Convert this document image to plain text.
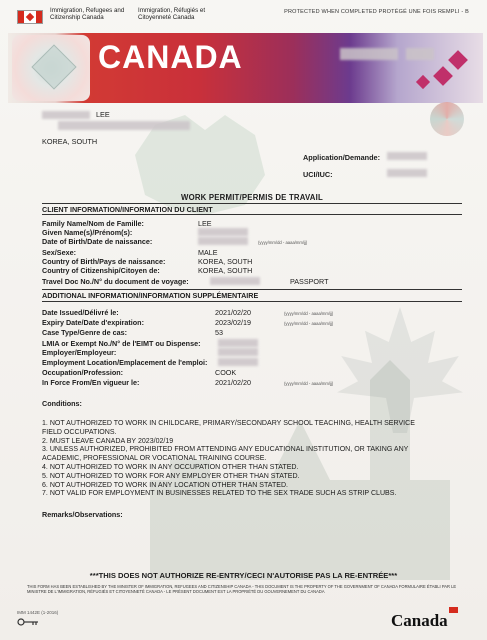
Immigration, Refugees and Citizenship Canada
Immigration, Réfugiés et Citoyenneté Canada
PROTECTED WHEN COMPLETED PROTÉGÉ UNE FOIS REMPLI - B
CANADA
LEE
KOREA, SOUTH
Application/Demande:
UCI/IUC:
WORK PERMIT/PERMIS DE TRAVAIL
CLIENT INFORMATION/INFORMATION DU CLIENT
Family Name/Nom de Famille:	LEE
Given Name(s)/Prénom(s):
Date of Birth/Date de naissance:	(yyyy/mm/dd - aaaa/mm/jj)
Sex/Sexe:	MALE
Country of Birth/Pays de naissance:	KOREA, SOUTH
Country of Citizenship/Citoyen de:	KOREA, SOUTH
Travel Doc No./N° du document de voyage:	PASSPORT
ADDITIONAL INFORMATION/INFORMATION SUPPLÉMENTAIRE
Date Issued/Délivré le:	2021/02/20	(yyyy/mm/dd - aaaa/mm/jj)
Expiry Date/Date d'expiration:	2023/02/19	(yyyy/mm/dd - aaaa/mm/jj)
Case Type/Genre de cas:	53
LMIA or Exempt No./N° de l'EIMT ou Dispense:
Employer/Employeur:
Employment Location/Emplacement de l'emploi:
Occupation/Profession:	COOK
In Force From/En vigueur le:	2021/02/20	(yyyy/mm/dd - aaaa/mm/jj)
Conditions:
1. NOT AUTHORIZED TO WORK IN CHILDCARE, PRIMARY/SECONDARY SCHOOL TEACHING, HEALTH SERVICE FIELD OCCUPATIONS.
2. MUST LEAVE CANADA BY 2023/02/19
3. UNLESS AUTHORIZED, PROHIBITED FROM ATTENDING ANY EDUCATIONAL INSTITUTION, OR TAKING ANY ACADEMIC, PROFESSIONAL OR VOCATIONAL TRAINING COURSE.
4. NOT AUTHORIZED TO WORK IN ANY OCCUPATION OTHER THAN STATED.
5. NOT AUTHORIZED TO WORK FOR ANY EMPLOYER OTHER THAN STATED.
6. NOT AUTHORIZED TO WORK IN ANY LOCATION OTHER THAN STATED.
7. NOT VALID FOR EMPLOYMENT IN BUSINESSES RELATED TO THE SEX TRADE SUCH AS STRIP CLUBS.
Remarks/Observations:
***THIS DOES NOT AUTHORIZE RE-ENTRY/CECI N'AUTORISE PAS LA RE-ENTRÉE***
THIS FORM HAS BEEN ESTABLISHED BY THE MINISTER OF IMMIGRATION, REFUGEES AND CITIZENSHIP CANADA - THIS DOCUMENT IS THE PROPERTY OF THE GOVERNMENT OF CANADA FORMULAIRE ÉTABLI PAR LE MINISTRE DE L'IMMIGRATION, RÉFUGIÉS ET CITOYENNETÉ CANADA - LE PRÉSENT DOCUMENT EST LA PROPRIÉTÉ DU GOUVERNEMENT DU CANADA
IMM 1442E (1-2016)	Canada
